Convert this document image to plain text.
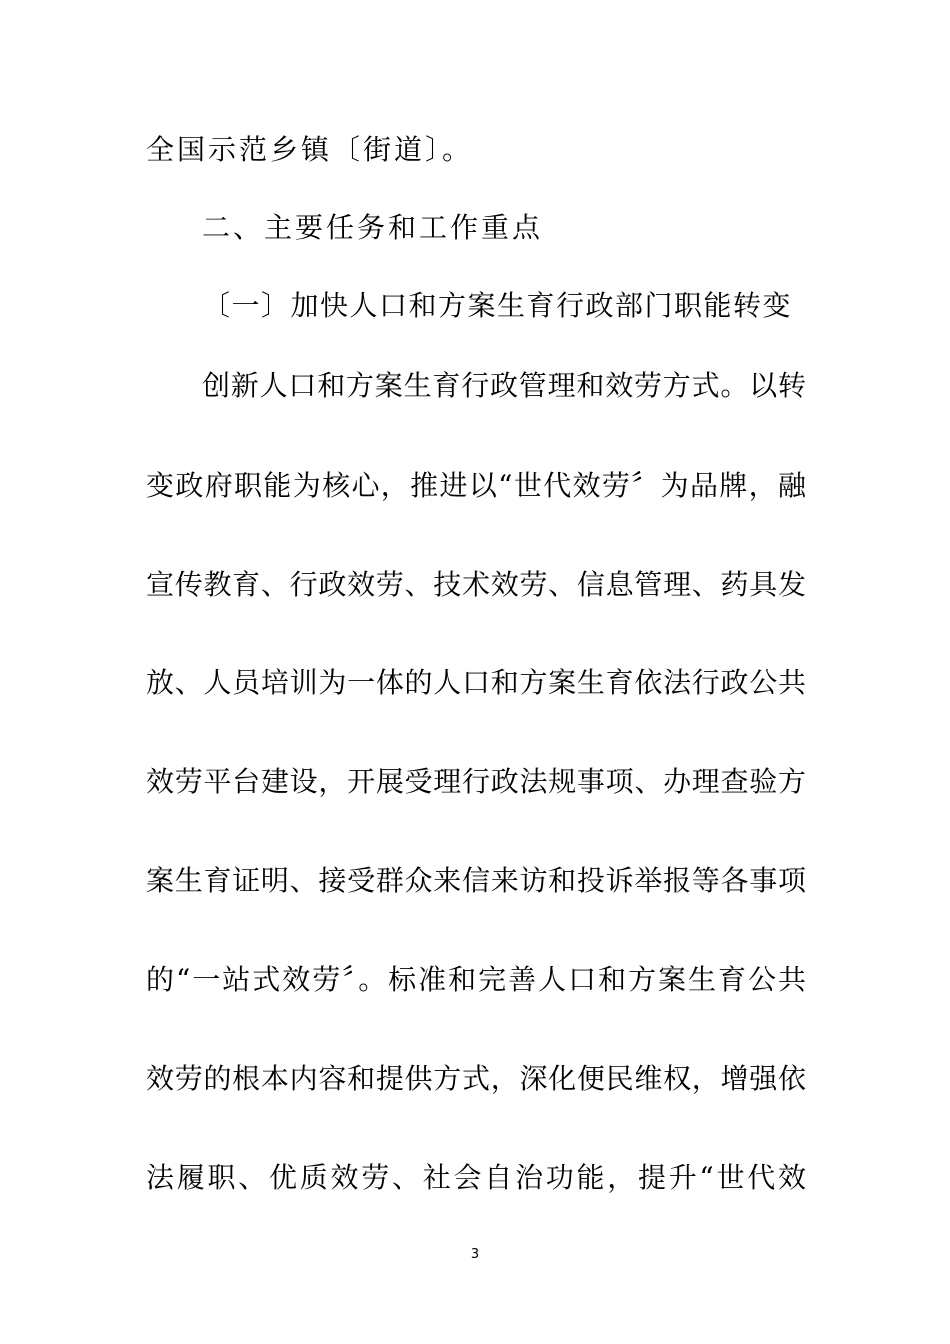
全国示范乡镇〔街道〕。
二、主要任务和工作重点
〔一〕加快人口和方案生育行政部门职能转变
创新人口和方案生育行政管理和效劳方式。以转
变政府职能为核心，推进以“世代效劳〞为品牌，融
宣传教育、行政效劳、技术效劳、信息管理、药具发
放、人员培训为一体的人口和方案生育依法行政公共
效劳平台建设，开展受理行政法规事项、办理查验方
案生育证明、接受群众来信来访和投诉举报等各事项
的“一站式效劳〞。标准和完善人口和方案生育公共
效劳的根本内容和提供方式，深化便民维权，增强依
法履职、优质效劳、社会自治功能，提升“世代效
3
